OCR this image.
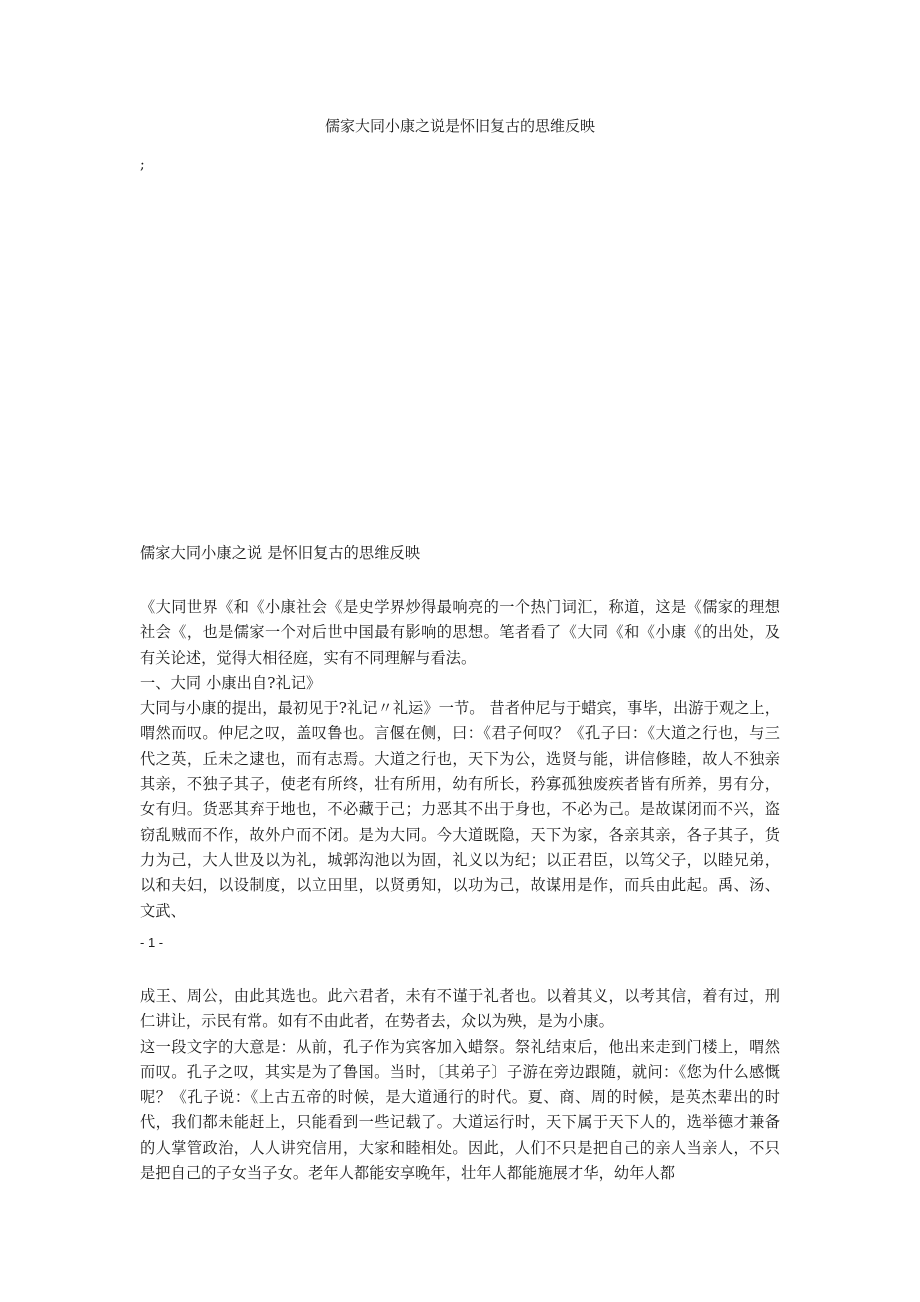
儒家大同小康之说是怀旧复古的思维反映
;

儒家大同小康之说 是怀旧复古的思维反映

《大同世界《和《小康社会《是史学界炒得最响亮的一个热门词汇，称道，这是《儒家的理想社会《，也是儒家一个对后世中国最有影响的思想。笔者看了《大同《和《小康《的出处，及有关论述，觉得大相径庭，实有不同理解与看法。

一、大同 小康出自?礼记》

大同与小康的提出，最初见于?礼记〃礼运》一节。 昔者仲尼与于蜡宾，事毕，出游于观之上，喟然而叹。仲尼之叹，盖叹鲁也。言偃在侧，曰：《君子何叹？《孔子曰：《大道之行也，与三代之英，丘未之逮也，而有志焉。大道之行也，天下为公，选贤与能，讲信修睦，故人不独亲其亲，不独子其子，使老有所终，壮有所用，幼有所长，矜寡孤独废疾者皆有所养，男有分，女有归。货恶其弃于地也，不必藏于己；力恶其不出于身也，不必为己。是故谋闭而不兴，盗窃乱贼而不作，故外户而不闭。是为大同。今大道既隐，天下为家，各亲其亲，各子其子，货力为己，大人世及以为礼，城郭沟池以为固，礼义以为纪；以正君臣，以笃父子，以睦兄弟，以和夫妇，以设制度，以立田里，以贤勇知，以功为己，故谋用是作，而兵由此起。禹、汤、文武、

- 1 -

成王、周公，由此其选也。此六君者，未有不谨于礼者也。以着其义，以考其信，着有过，刑仁讲让，示民有常。如有不由此者，在势者去，众以为殃，是为小康。

这一段文字的大意是：从前，孔子作为宾客加入蜡祭。祭礼结束后，他出来走到门楼上，喟然而叹。孔子之叹，其实是为了鲁国。当时，〔其弟子〕子游在旁边跟随，就问：《您为什么感慨呢？《孔子说：《上古五帝的时候，是大道通行的时代。夏、商、周的时候，是英杰辈出的时代，我们都未能赶上，只能看到一些记载了。大道运行时，天下属于天下人的，选举德才兼备的人掌管政治，人人讲究信用，大家和睦相处。因此，人们不只是把自己的亲人当亲人，不只是把自己的子女当子女。老年人都能安享晚年，壮年人都能施展才华，幼年人都
